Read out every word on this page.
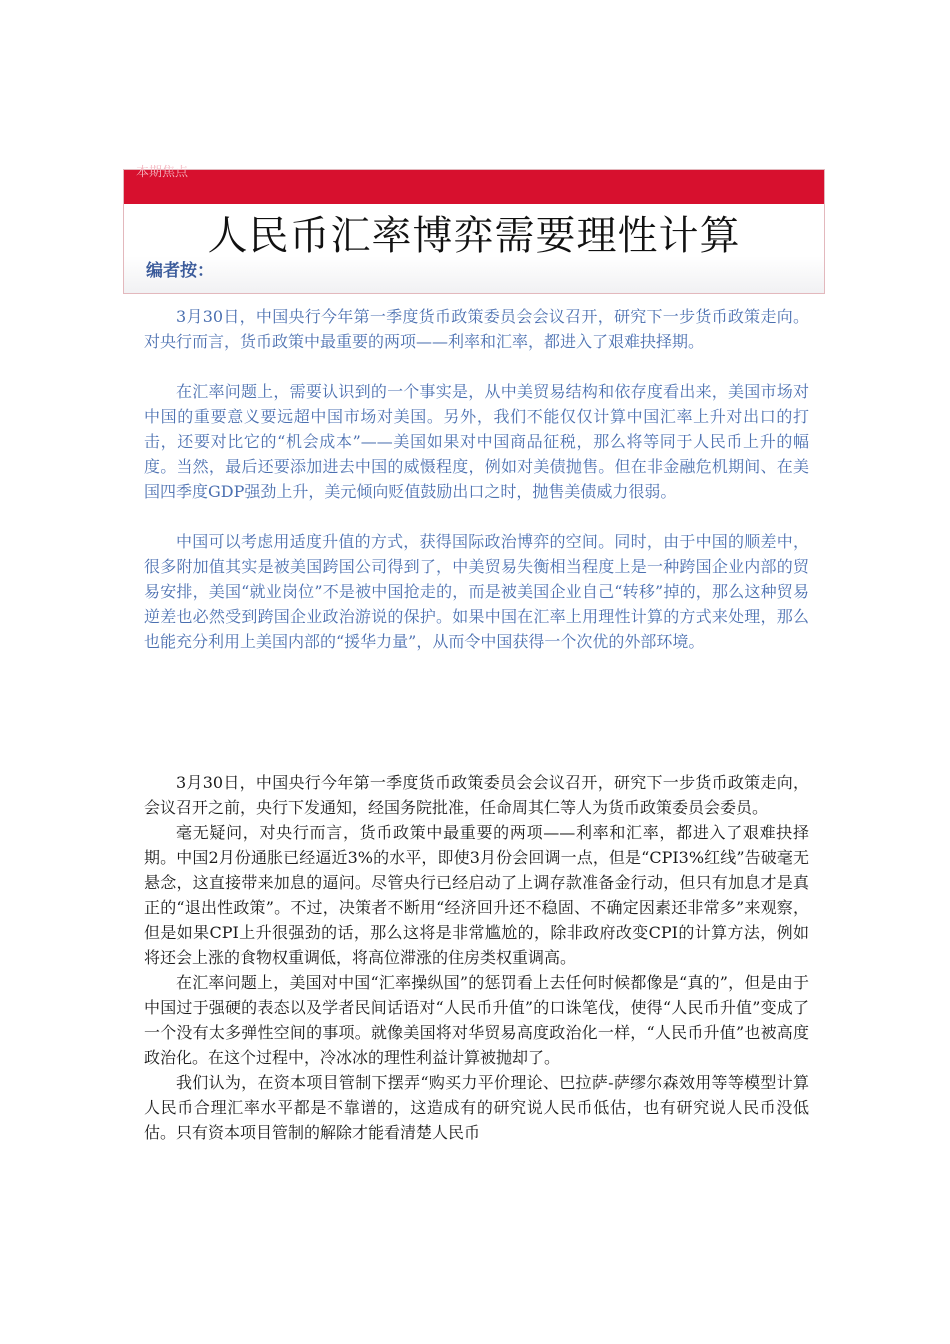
本期焦点
人民币汇率博弈需要理性计算
编者按：

3月30日，中国央行今年第一季度货币政策委员会会议召开，研究下一步货币政策走向。对央行而言，货币政策中最重要的两项——利率和汇率，都进入了艰难抉择期。

在汇率问题上，需要认识到的一个事实是，从中美贸易结构和依存度看出来，美国市场对中国的重要意义要远超中国市场对美国。另外，我们不能仅仅计算中国汇率上升对出口的打击，还要对比它的“机会成本”——美国如果对中国商品征税，那么将等同于人民币上升的幅度。当然，最后还要添加进去中国的威慑程度，例如对美债抛售。但在非金融危机期间、在美国四季度GDP强劲上升，美元倾向贬值鼓励出口之时，抛售美债威力很弱。

中国可以考虑用适度升值的方式，获得国际政治博弈的空间。同时，由于中国的顺差中，很多附加值其实是被美国跨国公司得到了，中美贸易失衡相当程度上是一种跨国企业内部的贸易安排，美国“就业岗位”不是被中国抢走的，而是被美国企业自己“转移”掉的，那么这种贸易逆差也必然受到跨国企业政治游说的保护。如果中国在汇率上用理性计算的方式来处理，那么也能充分利用上美国内部的“援华力量”，从而令中国获得一个次优的外部环境。

3月30日，中国央行今年第一季度货币政策委员会会议召开，研究下一步货币政策走向，会议召开之前，央行下发通知，经国务院批准，任命周其仁等人为货币政策委员会委员。

毫无疑问，对央行而言，货币政策中最重要的两项——利率和汇率，都进入了艰难抉择期。中国2月份通胀已经逼近3%的水平，即使3月份会回调一点，但是“CPI3%红线”告破毫无悬念，这直接带来加息的逼问。尽管央行已经启动了上调存款准备金行动，但只有加息才是真正的“退出性政策”。不过，决策者不断用“经济回升还不稳固、不确定因素还非常多”来观察，但是如果CPI上升很强劲的话，那么这将是非常尴尬的，除非政府改变CPI的计算方法，例如将还会上涨的食物权重调低，将高位滞涨的住房类权重调高。

在汇率问题上，美国对中国“汇率操纵国”的惩罚看上去任何时候都像是“真的”，但是由于中国过于强硬的表态以及学者民间话语对“人民币升值”的口诛笔伐，使得“人民币升值”变成了一个没有太多弹性空间的事项。就像美国将对华贸易高度政治化一样，“人民币升值”也被高度政治化。在这个过程中，冷冰冰的理性利益计算被抛却了。

我们认为，在资本项目管制下摆弄“购买力平价理论、巴拉萨-萨缪尔森效用等等模型计算人民币合理汇率水平都是不靠谱的，这造成有的研究说人民币低估，也有研究说人民币没低估。只有资本项目管制的解除才能看清楚人民币
